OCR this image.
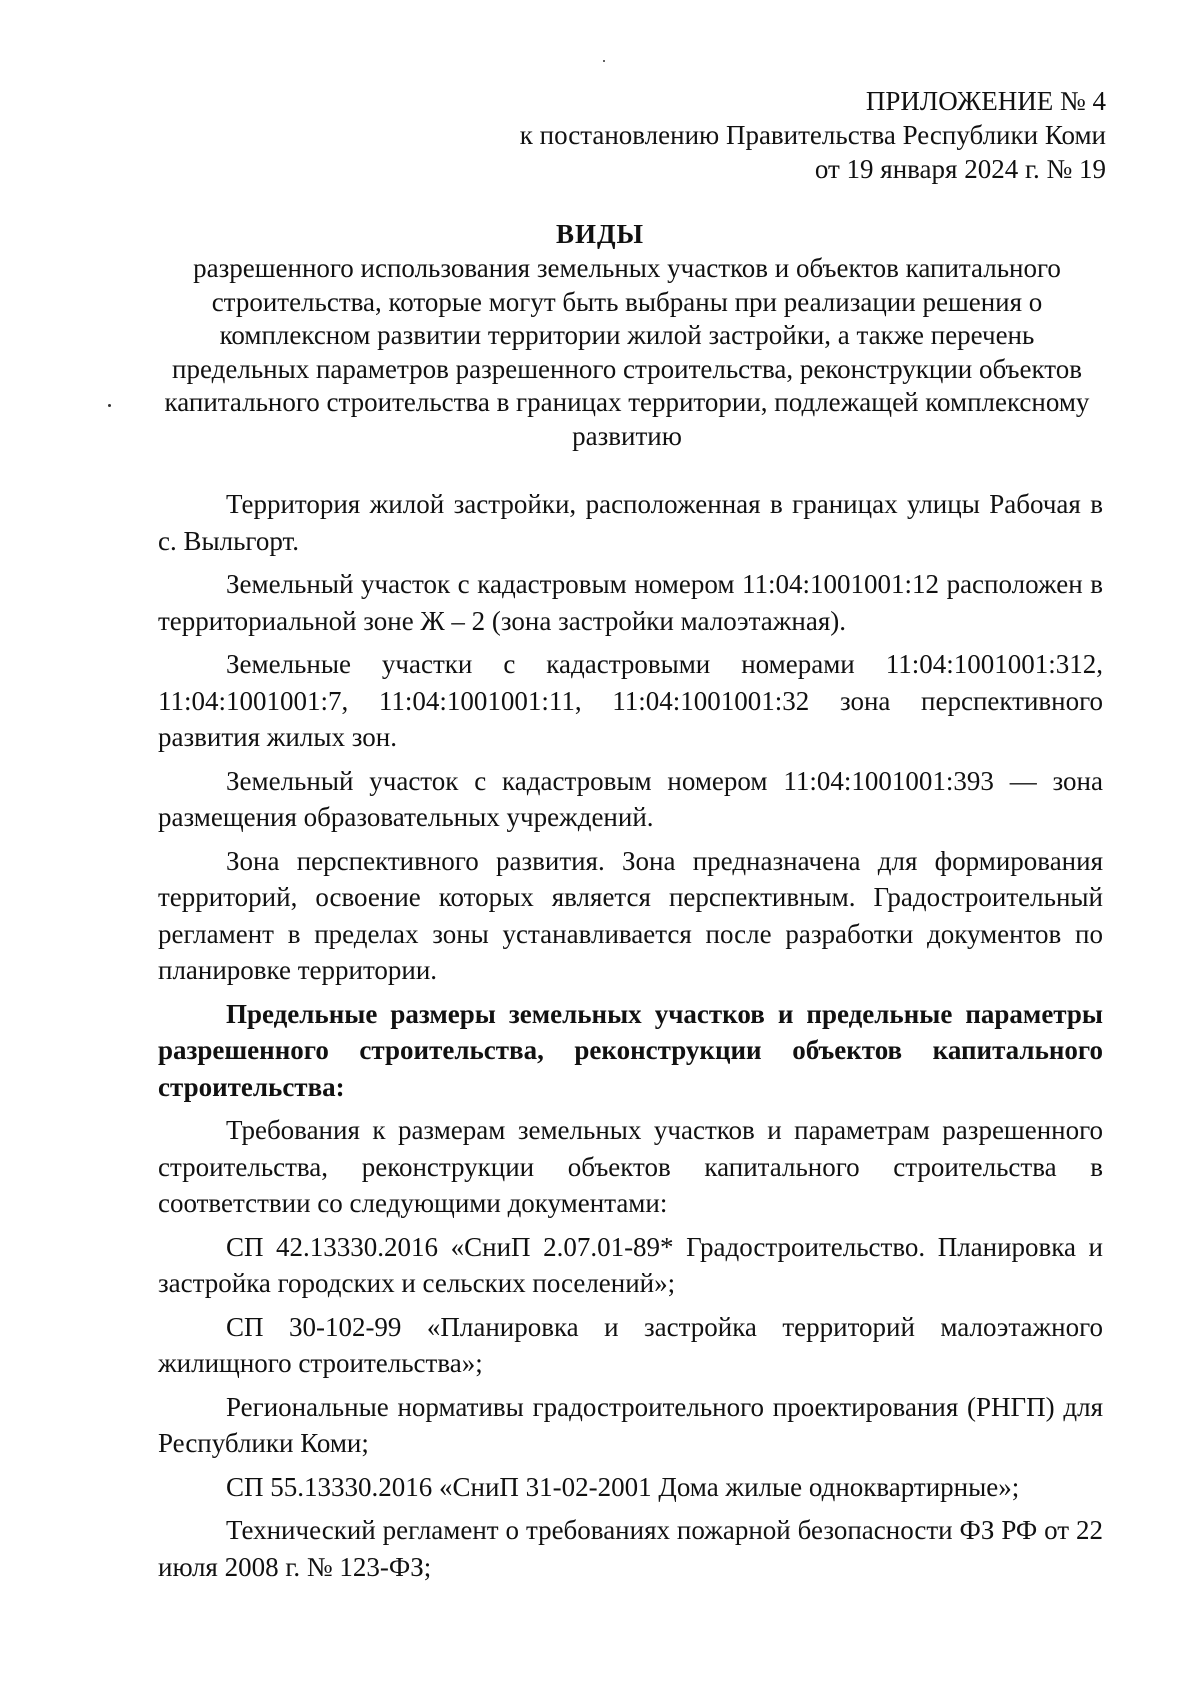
ПРИЛОЖЕНИЕ № 4
к постановлению Правительства Республики Коми
от 19 января 2024 г. № 19
ВИДЫ
разрешенного использования земельных участков и объектов капитального строительства, которые могут быть выбраны при реализации решения о комплексном развитии территории жилой застройки, а также перечень предельных параметров разрешенного строительства, реконструкции объектов капитального строительства в границах территории, подлежащей комплексному развитию

Территория жилой застройки, расположенная в границах улицы Рабочая в с. Выльгорт.

Земельный участок с кадастровым номером 11:04:1001001:12 расположен в территориальной зоне Ж – 2 (зона застройки малоэтажная).

Земельные участки с кадастровыми номерами 11:04:1001001:312, 11:04:1001001:7, 11:04:1001001:11, 11:04:1001001:32 зона перспективного развития жилых зон.

Земельный участок с кадастровым номером 11:04:1001001:393 — зона размещения образовательных учреждений.

Зона перспективного развития. Зона предназначена для формирования территорий, освоение которых является перспективным. Градостроительный регламент в пределах зоны устанавливается после разработки документов по планировке территории.

Предельные размеры земельных участков и предельные параметры разрешенного строительства, реконструкции объектов капитального строительства:

Требования к размерам земельных участков и параметрам разрешенного строительства, реконструкции объектов капитального строительства в соответствии со следующими документами:

СП 42.13330.2016 «СниП 2.07.01-89* Градостроительство. Планировка и застройка городских и сельских поселений»;

СП 30-102-99 «Планировка и застройка территорий малоэтажного жилищного строительства»;

Региональные нормативы градостроительного проектирования (РНГП) для Республики Коми;

СП 55.13330.2016 «СниП 31-02-2001 Дома жилые одноквартирные»;

Технический регламент о требованиях пожарной безопасности ФЗ РФ от 22 июля 2008 г. № 123-ФЗ;
